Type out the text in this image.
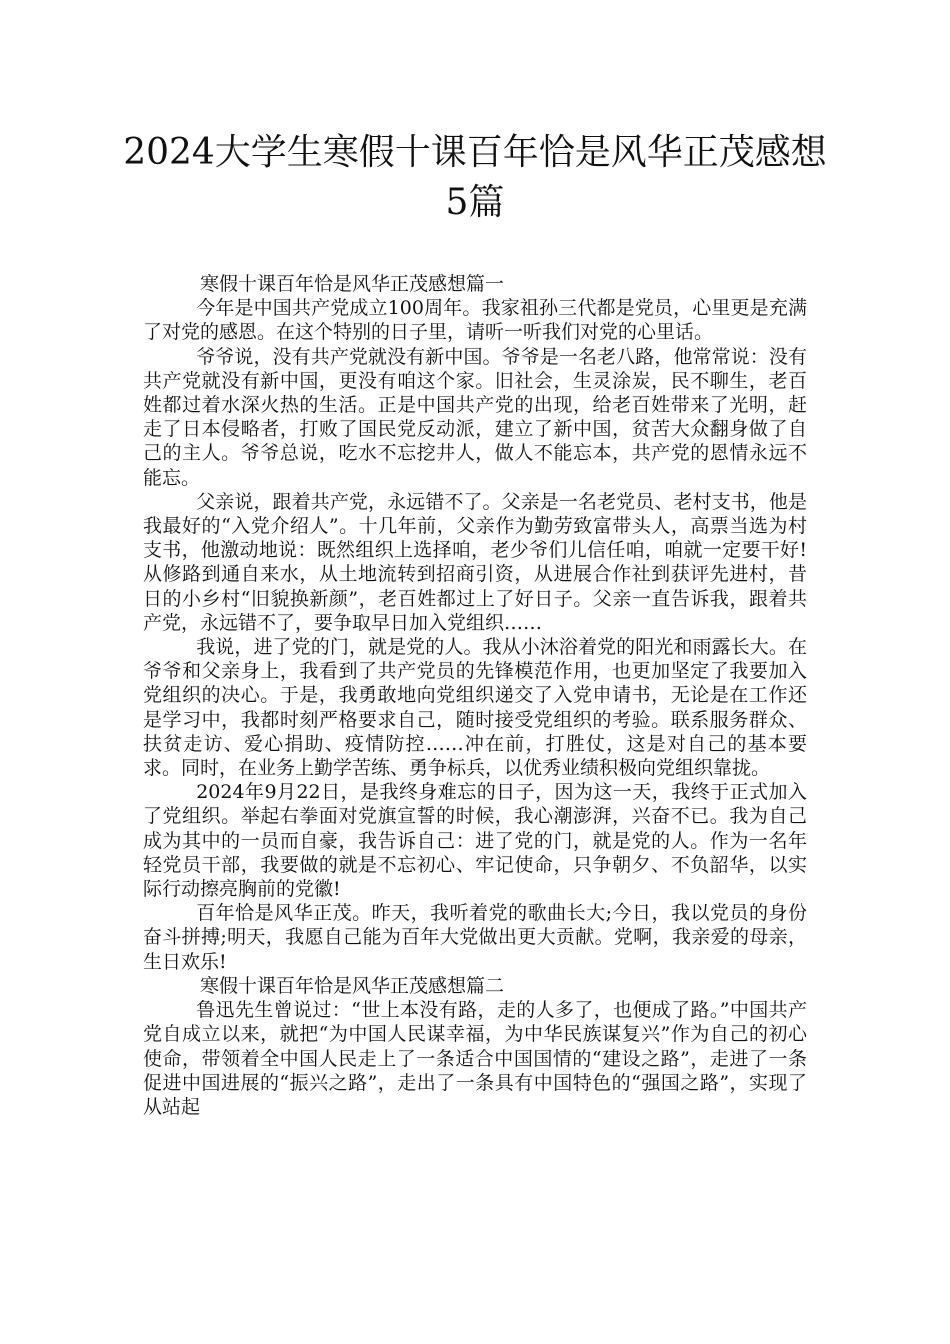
2024大学生寒假十课百年恰是风华正茂感想5篇

寒假十课百年恰是风华正茂感想篇一

今年是中国共产党成立100周年。我家祖孙三代都是党员，心里更是充满了对党的感恩。在这个特别的日子里，请听一听我们对党的心里话。

爷爷说，没有共产党就没有新中国。爷爷是一名老八路，他常常说：没有共产党就没有新中国，更没有咱这个家。旧社会，生灵涂炭，民不聊生，老百姓都过着水深火热的生活。正是中国共产党的出现，给老百姓带来了光明，赶走了日本侵略者，打败了国民党反动派，建立了新中国，贫苦大众翻身做了自己的主人。爷爷总说，吃水不忘挖井人，做人不能忘本，共产党的恩情永远不能忘。

父亲说，跟着共产党，永远错不了。父亲是一名老党员、老村支书，他是我最好的“入党介绍人”。十几年前，父亲作为勤劳致富带头人，高票当选为村支书，他激动地说：既然组织上选择咱，老少爷们儿信任咱，咱就一定要干好!从修路到通自来水，从土地流转到招商引资，从进展合作社到获评先进村，昔日的小乡村“旧貌换新颜”，老百姓都过上了好日子。父亲一直告诉我，跟着共产党，永远错不了，要争取早日加入党组织……

我说，进了党的门，就是党的人。我从小沐浴着党的阳光和雨露长大。在爷爷和父亲身上，我看到了共产党员的先锋模范作用，也更加坚定了我要加入党组织的决心。于是，我勇敢地向党组织递交了入党申请书，无论是在工作还是学习中，我都时刻严格要求自己，随时接受党组织的考验。联系服务群众、扶贫走访、爱心捐助、疫情防控……冲在前，打胜仗，这是对自己的基本要求。同时，在业务上勤学苦练、勇争标兵，以优秀业绩积极向党组织靠拢。

2024年9月22日，是我终身难忘的日子，因为这一天，我终于正式加入了党组织。举起右拳面对党旗宣誓的时候，我心潮澎湃，兴奋不已。我为自己成为其中的一员而自豪，我告诉自己：进了党的门，就是党的人。作为一名年轻党员干部，我要做的就是不忘初心、牢记使命，只争朝夕、不负韶华，以实际行动擦亮胸前的党徽!

百年恰是风华正茂。昨天，我听着党的歌曲长大;今日，我以党员的身份奋斗拼搏;明天，我愿自己能为百年大党做出更大贡献。党啊，我亲爱的母亲，生日欢乐!

寒假十课百年恰是风华正茂感想篇二

鲁迅先生曾说过：“世上本没有路，走的人多了，也便成了路。”中国共产党自成立以来，就把“为中国人民谋幸福，为中华民族谋复兴”作为自己的初心使命，带领着全中国人民走上了一条适合中国国情的“建设之路”，走进了一条促进中国进展的“振兴之路”，走出了一条具有中国特色的“强国之路”，实现了从站起
